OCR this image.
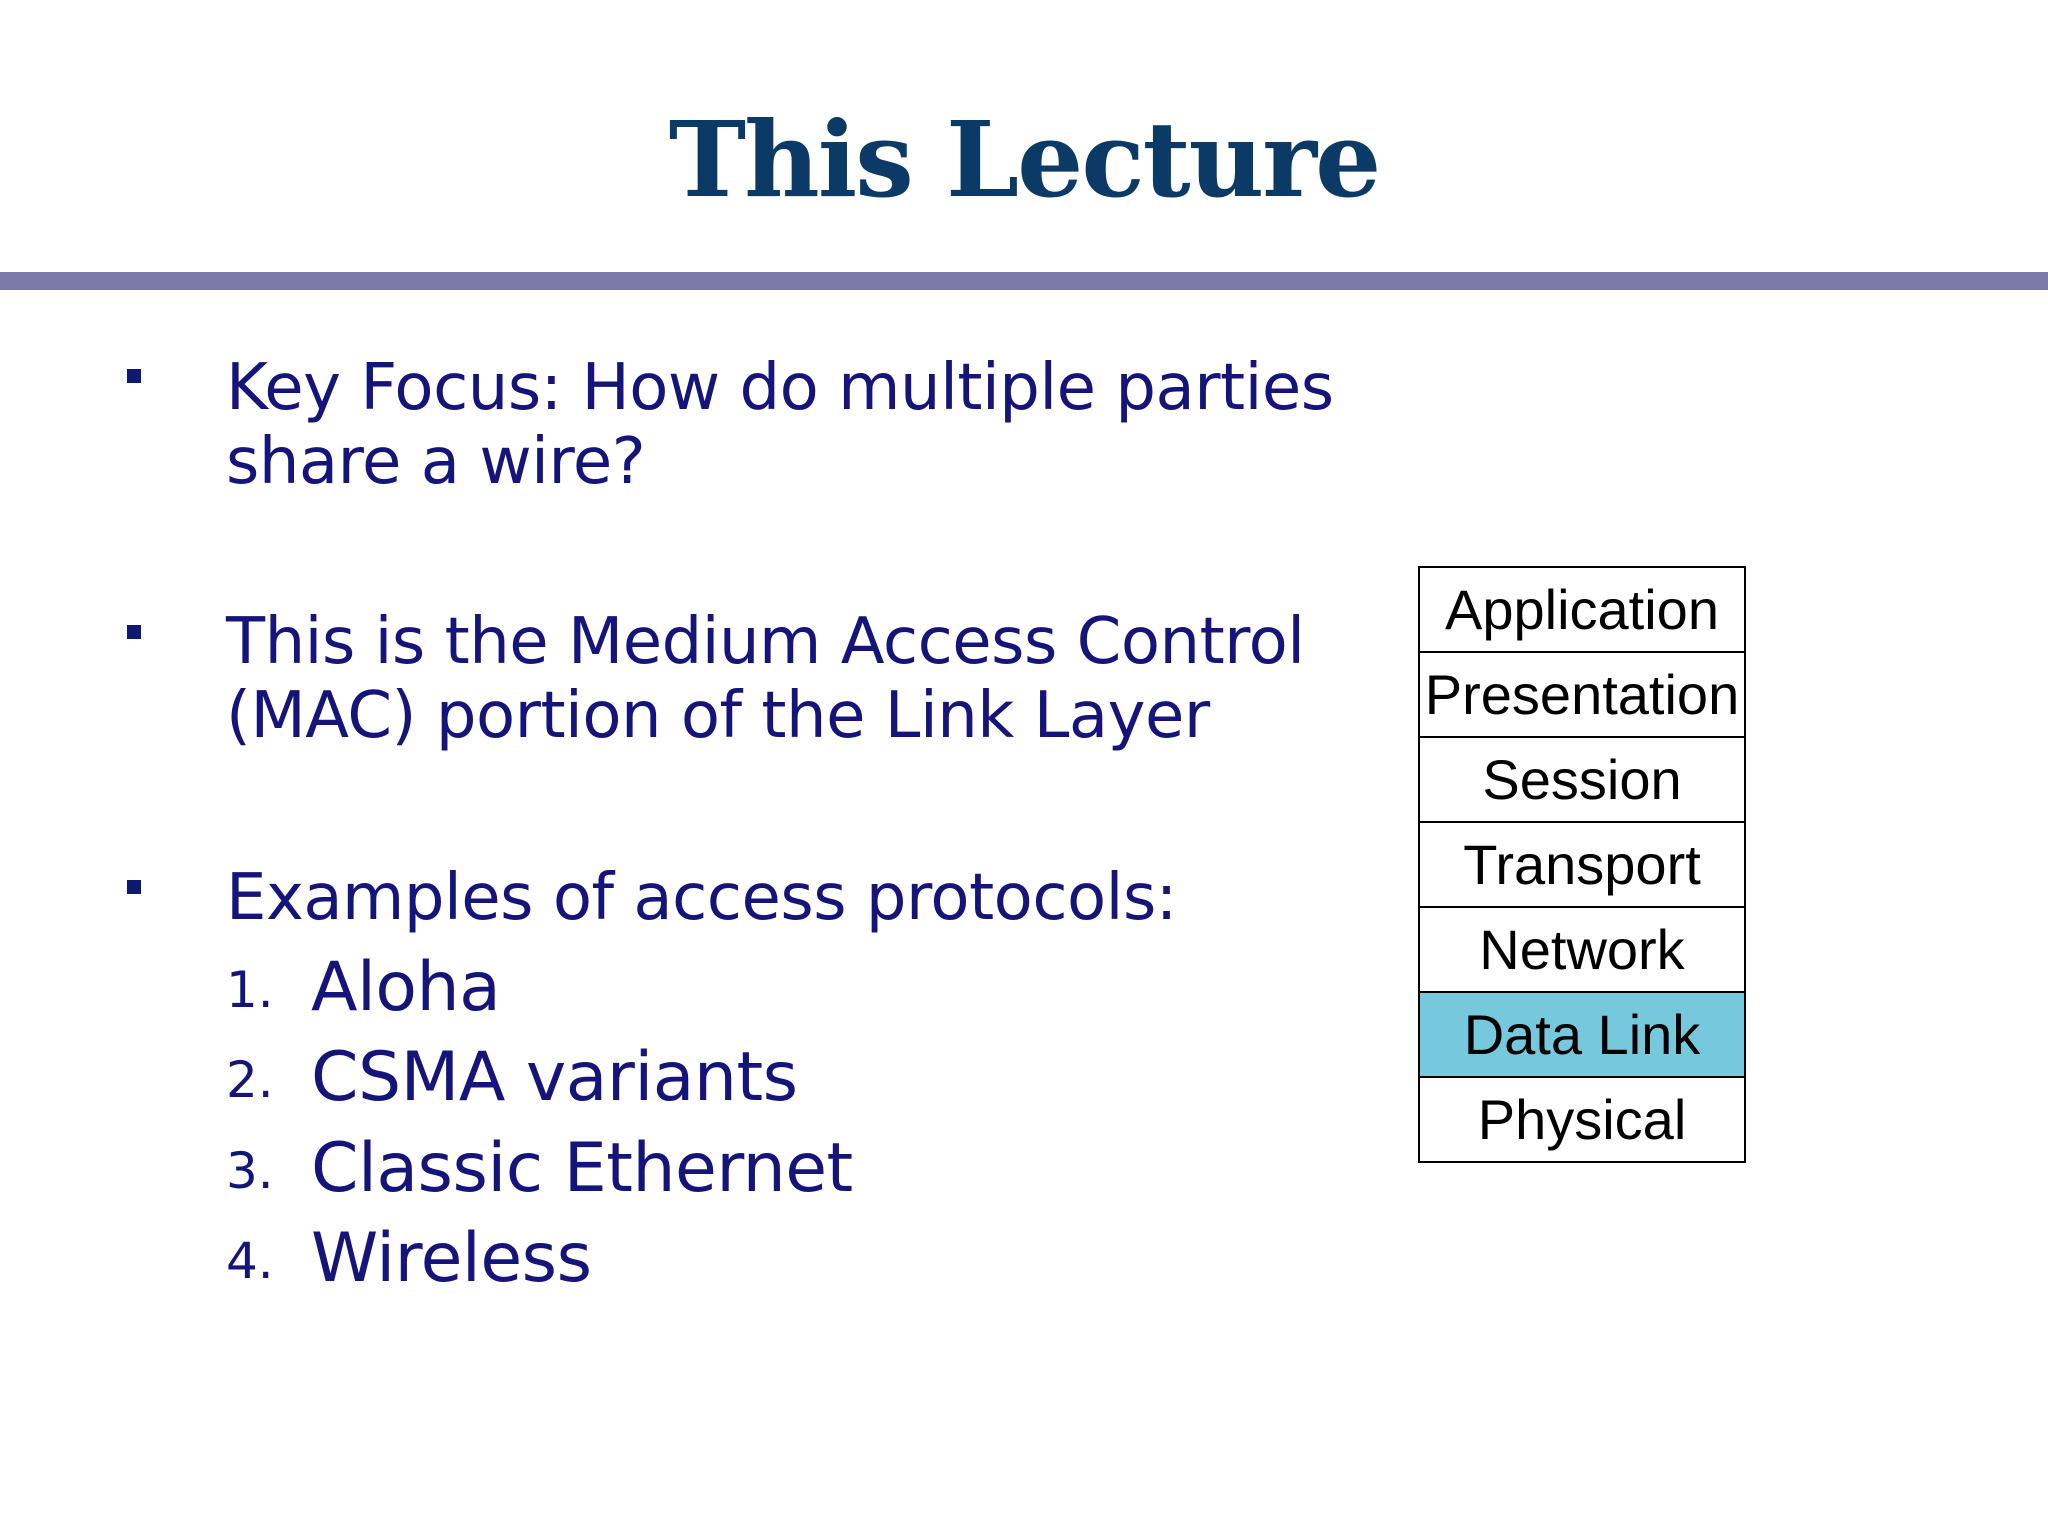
This Lecture
Key Focus: How do multiple parties share a wire?
This is the Medium Access Control (MAC) portion of the Link Layer
Examples of access protocols:
1. Aloha
2. CSMA variants
3. Classic Ethernet
4. Wireless
Application
Presentation
Session
Transport
Network
Data Link
Physical
